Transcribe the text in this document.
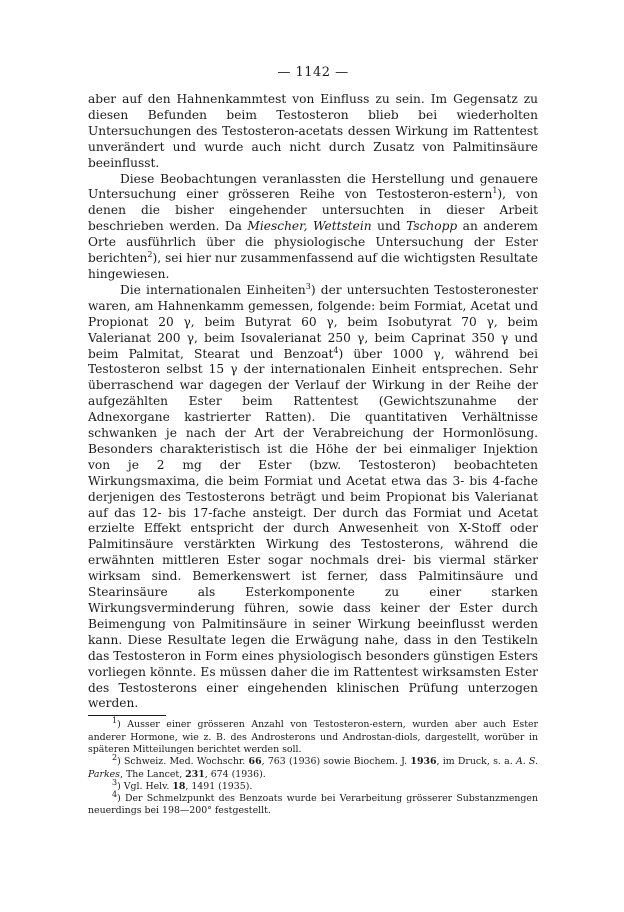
— 1142 —

aber auf den Hahnenkammtest von Einfluss zu sein. Im Gegensatz zu diesen Befunden beim Testosteron blieb bei wiederholten Untersuchungen des Testosteron-acetats dessen Wirkung im Rattentest unverändert und wurde auch nicht durch Zusatz von Palmitinsäure beeinflusst.

Diese Beobachtungen veranlassten die Herstellung und genauere Untersuchung einer grösseren Reihe von Testosteron-estern$^1$), von denen die bisher eingehender untersuchten in dieser Arbeit beschrieben werden. Da Miescher, Wettstein und Tschopp an anderem Orte ausführlich über die physiologische Untersuchung der Ester berichten$^2$), sei hier nur zusammenfassend auf die wichtigsten Resultate hingewiesen.

Die internationalen Einheiten$^3$) der untersuchten Testosteronester waren, am Hahnenkamm gemessen, folgende: beim Formiat, Acetat und Propionat 20 γ, beim Butyrat 60 γ, beim Isobutyrat 70 γ, beim Valerianat 200 γ, beim Isovalerianat 250 γ, beim Caprinat 350 γ und beim Palmitat, Stearat und Benzoat$^4$) über 1000 γ, während bei Testosteron selbst 15 γ der internationalen Einheit entsprechen. Sehr überraschend war dagegen der Verlauf der Wirkung in der Reihe der aufgezählten Ester beim Rattentest (Gewichtszunahme der Adnexorgane kastrierter Ratten). Die quantitativen Verhältnisse schwanken je nach der Art der Verabreichung der Hormonlösung. Besonders charakteristisch ist die Höhe der bei einmaliger Injektion von je 2 mg der Ester (bzw. Testosteron) beobachteten Wirkungsmaxima, die beim Formiat und Acetat etwa das 3- bis 4-fache derjenigen des Testosterons beträgt und beim Propionat bis Valerianat auf das 12- bis 17-fache ansteigt. Der durch das Formiat und Acetat erzielte Effekt entspricht der durch Anwesenheit von X-Stoff oder Palmitinsäure verstärkten Wirkung des Testosterons, während die erwähnten mittleren Ester sogar nochmals drei- bis viermal stärker wirksam sind. Bemerkenswert ist ferner, dass Palmitinsäure und Stearinsäure als Esterkomponente zu einer starken Wirkungsverminderung führen, sowie dass keiner der Ester durch Beimengung von Palmitinsäure in seiner Wirkung beeinflusst werden kann. Diese Resultate legen die Erwägung nahe, dass in den Testikeln das Testosteron in Form eines physiologisch besonders günstigen Esters vorliegen könnte. Es müssen daher die im Rattentest wirksamsten Ester des Testosterons einer eingehenden klinischen Prüfung unterzogen werden.

$^1$) Ausser einer grösseren Anzahl von Testosteron-estern, wurden aber auch Ester anderer Hormone, wie z. B. des Androsterons und Androstan-diols, dargestellt, worüber in späteren Mitteilungen berichtet werden soll.

$^2$) Schweiz. Med. Wochschr. 66, 763 (1936) sowie Biochem. J. 1936, im Druck, s. a. A. S. Parkes, The Lancet, 231, 674 (1936).

$^3$) Vgl. Helv. 18, 1491 (1935).

$^4$) Der Schmelzpunkt des Benzoats wurde bei Verarbeitung grösserer Substanzmengen neuerdings bei 198—200° festgestellt.
